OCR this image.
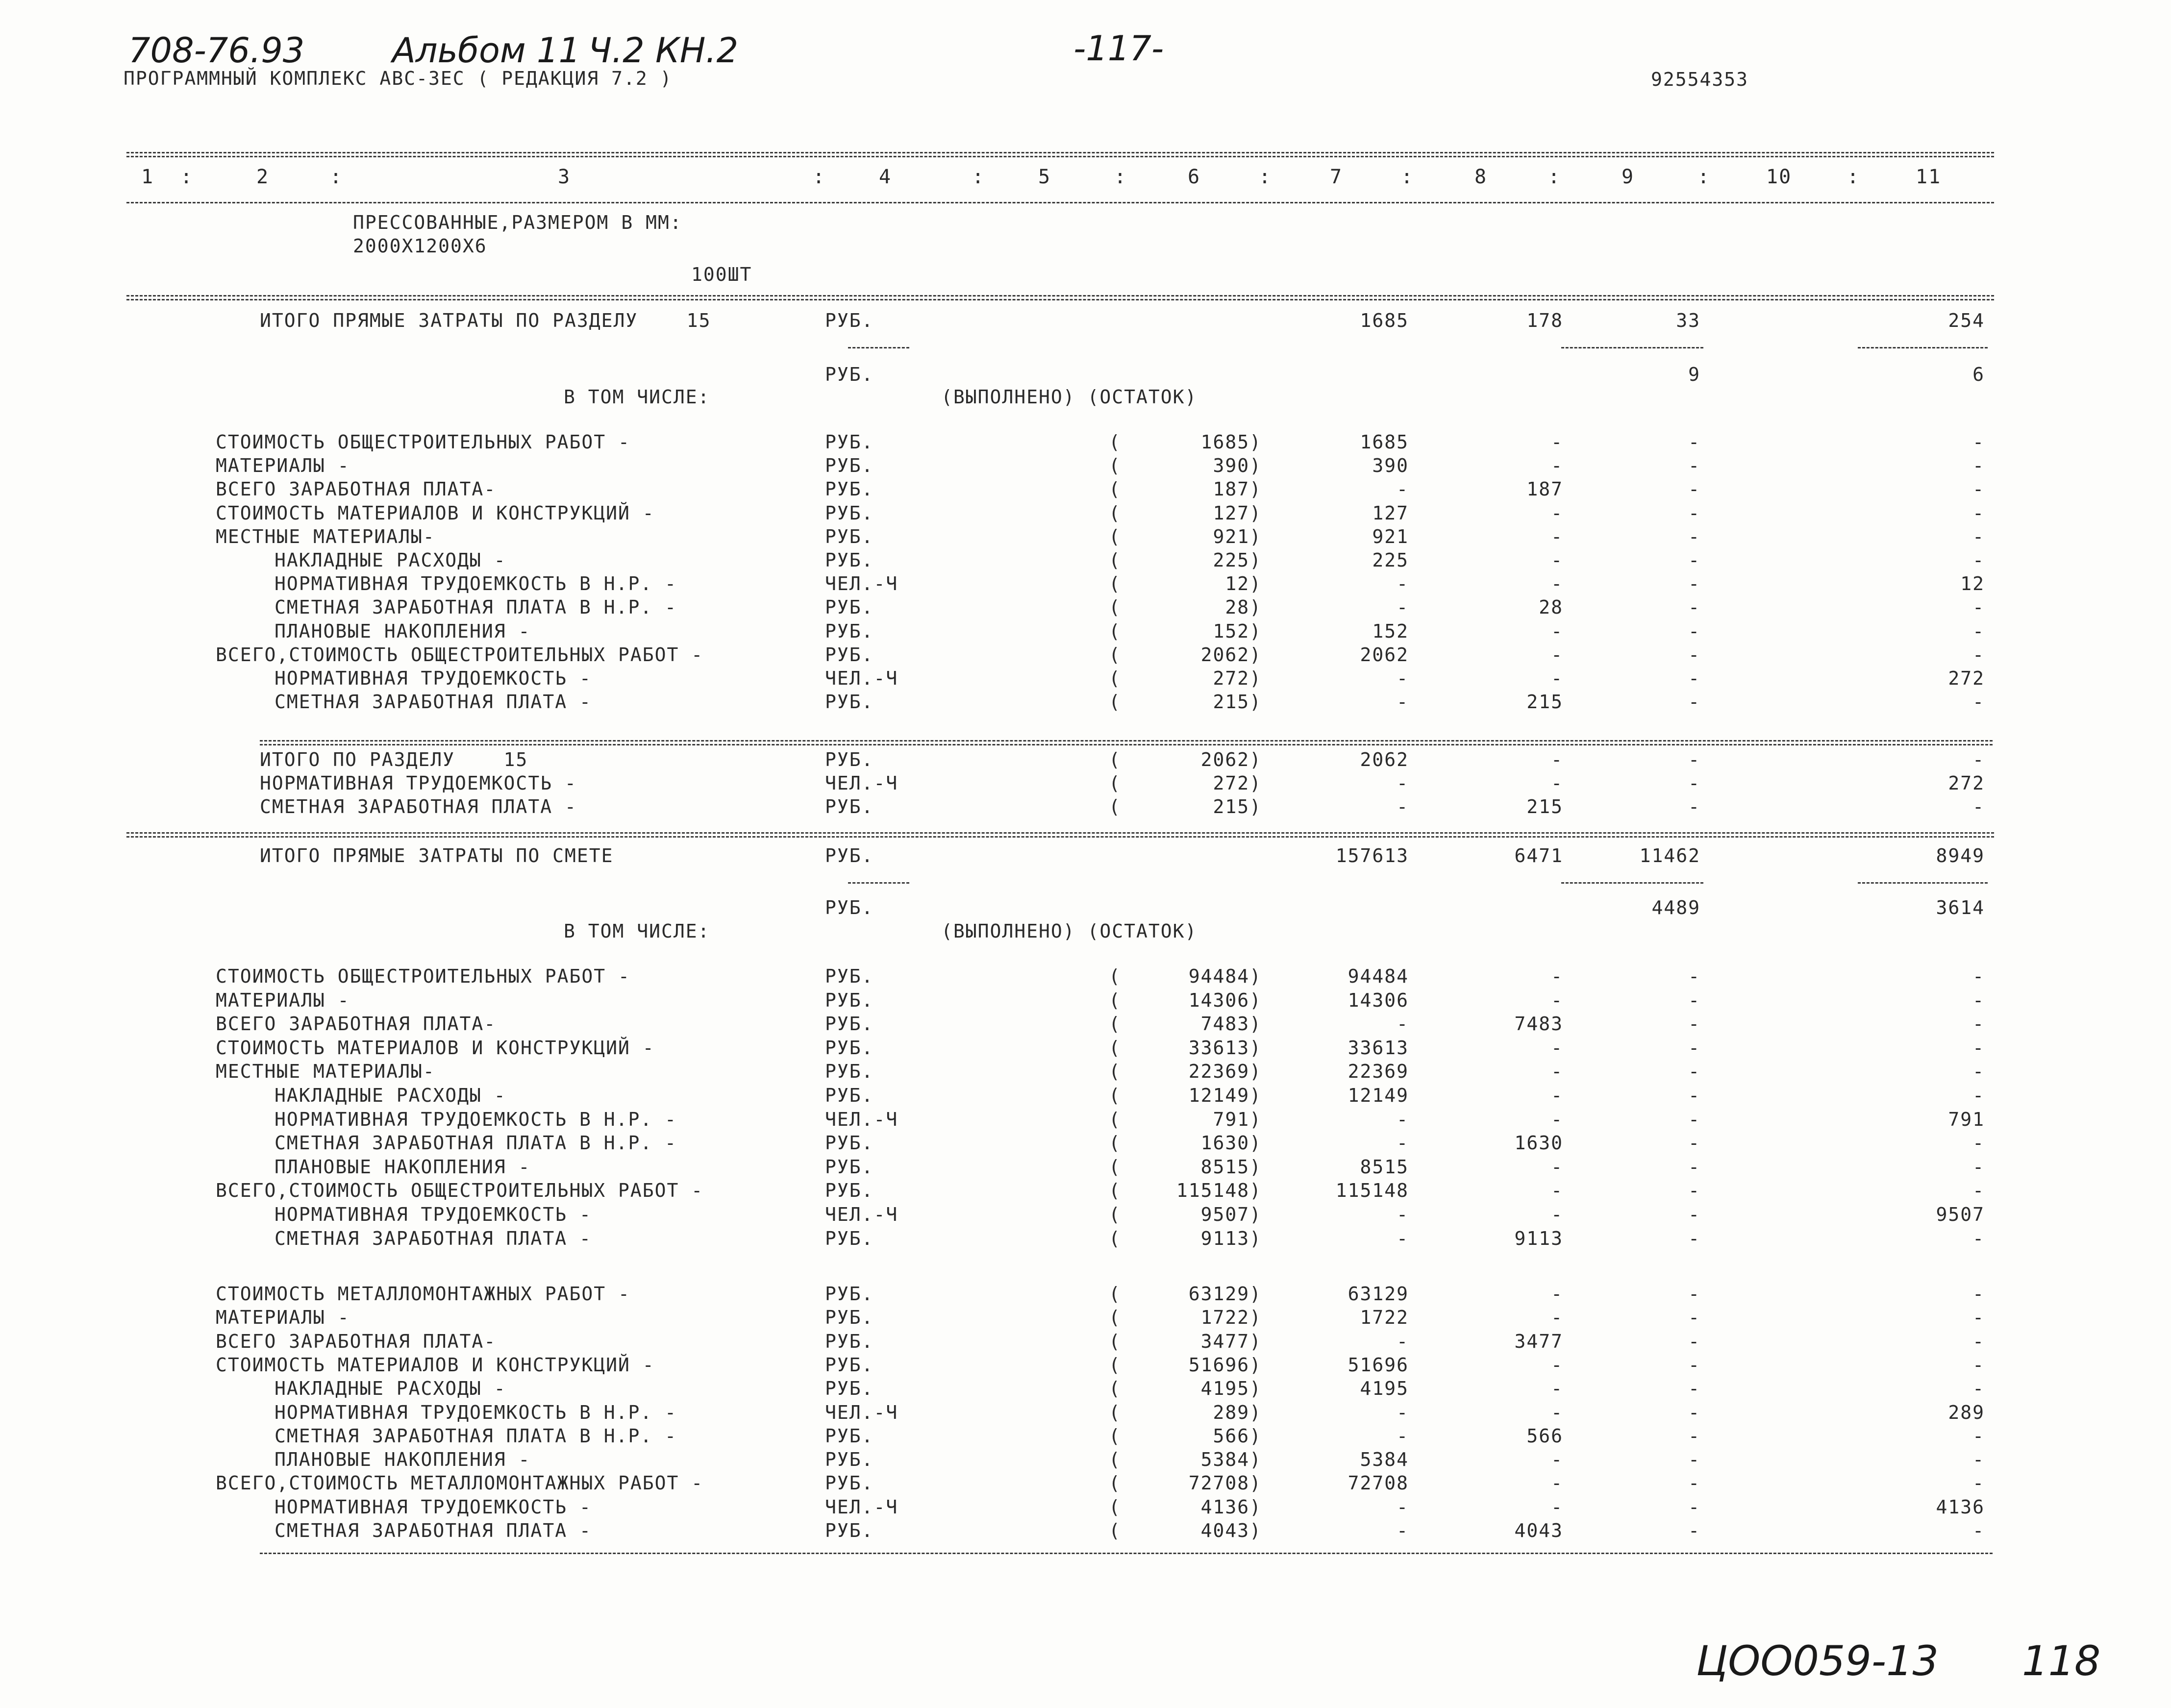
708-76.93	Альбом 11 Ч.2 КН.2	-117-
ПРОГРАММНЫЙ КОМПЛЕКС АВС-ЗЕС ( РЕДАКЦИЯ 7.2 )	92554353
1 :	2	:	3	:	4	:	5	:	6	:	7	:	8	:	9	:	10	:	11
ПРЕССОВАННЫЕ,РАЗМЕРОМ В ММ:
2000X1200X6
100ШТ
ИТОГО ПРЯМЫЕ ЗАТРАТЫ ПО РАЗДЕЛУ    15	РУБ.	1685	178	33	254
РУБ.	9	6
В ТОМ ЧИСЛЕ:	(ВЫПОЛНЕНО) (ОСТАТОК)
СТОИМОСТЬ ОБЩЕСТРОИТЕЛЬНЫХ РАБОТ -	РУБ.	(	1685)	1685	-	-	-
МАТЕРИАЛЫ -	РУБ.	(	390)	390	-	-	-
ВСЕГО ЗАРАБОТНАЯ ПЛАТА-	РУБ.	(	187)	-	187	-	-
СТОИМОСТЬ МАТЕРИАЛОВ И КОНСТРУКЦИЙ -	РУБ.	(	127)	127	-	-	-
МЕСТНЫЕ МАТЕРИАЛЫ-	РУБ.	(	921)	921	-	-	-
НАКЛАДНЫЕ РАСХОДЫ -	РУБ.	(	225)	225	-	-	-
НОРМАТИВНАЯ ТРУДОЕМКОСТЬ В Н.Р. -	ЧЕЛ.-Ч	(	12)	-	-	-	12
СМЕТНАЯ ЗАРАБОТНАЯ ПЛАТА В Н.Р. -	РУБ.	(	28)	-	28	-	-
ПЛАНОВЫЕ НАКОПЛЕНИЯ -	РУБ.	(	152)	152	-	-	-
ВСЕГО,СТОИМОСТЬ ОБЩЕСТРОИТЕЛЬНЫХ РАБОТ -	РУБ.	(	2062)	2062	-	-	-
НОРМАТИВНАЯ ТРУДОЕМКОСТЬ -	ЧЕЛ.-Ч	(	272)	-	-	-	272
СМЕТНАЯ ЗАРАБОТНАЯ ПЛАТА -	РУБ.	(	215)	-	215	-	-
ИТОГО ПО РАЗДЕЛУ    15	РУБ.	(	2062)	2062	-	-	-
НОРМАТИВНАЯ ТРУДОЕМКОСТЬ -	ЧЕЛ.-Ч	(	272)	-	-	-	272
СМЕТНАЯ ЗАРАБОТНАЯ ПЛАТА -	РУБ.	(	215)	-	215	-	-
ИТОГО ПРЯМЫЕ ЗАТРАТЫ ПО СМЕТЕ	РУБ.	157613	6471	11462	8949
РУБ.	4489	3614
В ТОМ ЧИСЛЕ:	(ВЫПОЛНЕНО) (ОСТАТОК)
СТОИМОСТЬ ОБЩЕСТРОИТЕЛЬНЫХ РАБОТ -	РУБ.	(	94484)	94484	-	-	-
МАТЕРИАЛЫ -	РУБ.	(	14306)	14306	-	-	-
ВСЕГО ЗАРАБОТНАЯ ПЛАТА-	РУБ.	(	7483)	-	7483	-	-
СТОИМОСТЬ МАТЕРИАЛОВ И КОНСТРУКЦИЙ -	РУБ.	(	33613)	33613	-	-	-
МЕСТНЫЕ МАТЕРИАЛЫ-	РУБ.	(	22369)	22369	-	-	-
НАКЛАДНЫЕ РАСХОДЫ -	РУБ.	(	12149)	12149	-	-	-
НОРМАТИВНАЯ ТРУДОЕМКОСТЬ В Н.Р. -	ЧЕЛ.-Ч	(	791)	-	-	-	791
СМЕТНАЯ ЗАРАБОТНАЯ ПЛАТА В Н.Р. -	РУБ.	(	1630)	-	1630	-	-
ПЛАНОВЫЕ НАКОПЛЕНИЯ -	РУБ.	(	8515)	8515	-	-	-
ВСЕГО,СТОИМОСТЬ ОБЩЕСТРОИТЕЛЬНЫХ РАБОТ -	РУБ.	(	115148)	115148	-	-	-
НОРМАТИВНАЯ ТРУДОЕМКОСТЬ -	ЧЕЛ.-Ч	(	9507)	-	-	-	9507
СМЕТНАЯ ЗАРАБОТНАЯ ПЛАТА -	РУБ.	(	9113)	-	9113	-	-
СТОИМОСТЬ МЕТАЛЛОМОНТАЖНЫХ РАБОТ -	РУБ.	(	63129)	63129	-	-	-
МАТЕРИАЛЫ -	РУБ.	(	1722)	1722	-	-	-
ВСЕГО ЗАРАБОТНАЯ ПЛАТА-	РУБ.	(	3477)	-	3477	-	-
СТОИМОСТЬ МАТЕРИАЛОВ И КОНСТРУКЦИЙ -	РУБ.	(	51696)	51696	-	-	-
НАКЛАДНЫЕ РАСХОДЫ -	РУБ.	(	4195)	4195	-	-	-
НОРМАТИВНАЯ ТРУДОЕМКОСТЬ В Н.Р. -	ЧЕЛ.-Ч	(	289)	-	-	-	289
СМЕТНАЯ ЗАРАБОТНАЯ ПЛАТА В Н.Р. -	РУБ.	(	566)	-	566	-	-
ПЛАНОВЫЕ НАКОПЛЕНИЯ -	РУБ.	(	5384)	5384	-	-	-
ВСЕГО,СТОИМОСТЬ МЕТАЛЛОМОНТАЖНЫХ РАБОТ -	РУБ.	(	72708)	72708	-	-	-
НОРМАТИВНАЯ ТРУДОЕМКОСТЬ -	ЧЕЛ.-Ч	(	4136)	-	-	-	4136
СМЕТНАЯ ЗАРАБОТНАЯ ПЛАТА -	РУБ.	(	4043)	-	4043	-	-
ЦОО059-13 118
